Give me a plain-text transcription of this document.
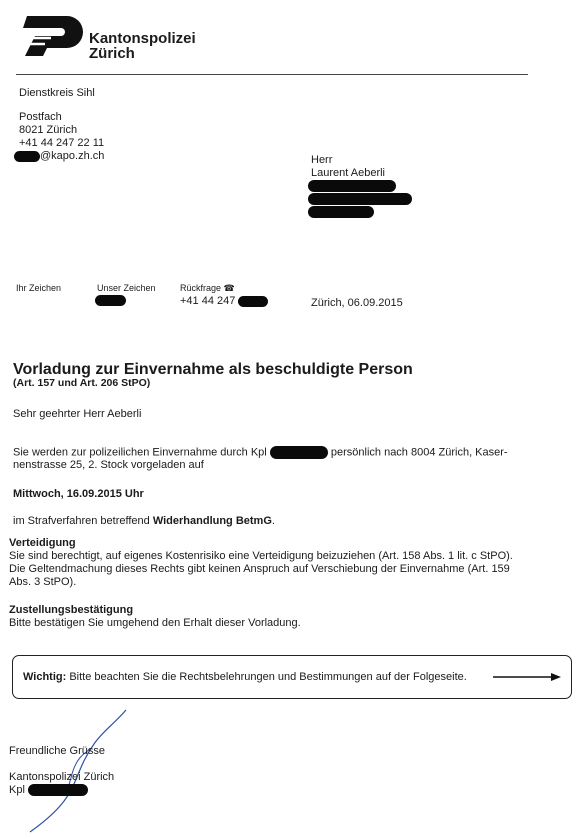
Kantonspolizei
Zürich
Dienstkreis Sihl
Postfach
8021 Zürich
+41 44 247 22 11
@kapo.zh.ch	Herr
Laurent Aeberli
Ihr Zeichen	Unser Zeichen	Rückfrage ☎
+41 44 247	Zürich, 06.09.2015
Vorladung zur Einvernahme als beschuldigte Person
(Art. 157 und Art. 206 StPO)
Sehr geehrter Herr Aeberli
Sie werden zur polizeilichen Einvernahme durch Kpl	persönlich nach 8004 Zürich, Kaser-
nenstrasse 25, 2. Stock vorgeladen auf
Mittwoch, 16.09.2015 Uhr
im Strafverfahren betreffend Widerhandlung BetmG.
Verteidigung
Sie sind berechtigt, auf eigenes Kostenrisiko eine Verteidigung beizuziehen (Art. 158 Abs. 1 lit. c StPO).
Die Geltendmachung dieses Rechts gibt keinen Anspruch auf Verschiebung der Einvernahme (Art. 159
Abs. 3 StPO).
Zustellungsbestätigung
Bitte bestätigen Sie umgehend den Erhalt dieser Vorladung.
Wichtig: Bitte beachten Sie die Rechtsbelehrungen und Bestimmungen auf der Folgeseite.
Freundliche Grüsse
Kantonspolizei Zürich
Kpl
